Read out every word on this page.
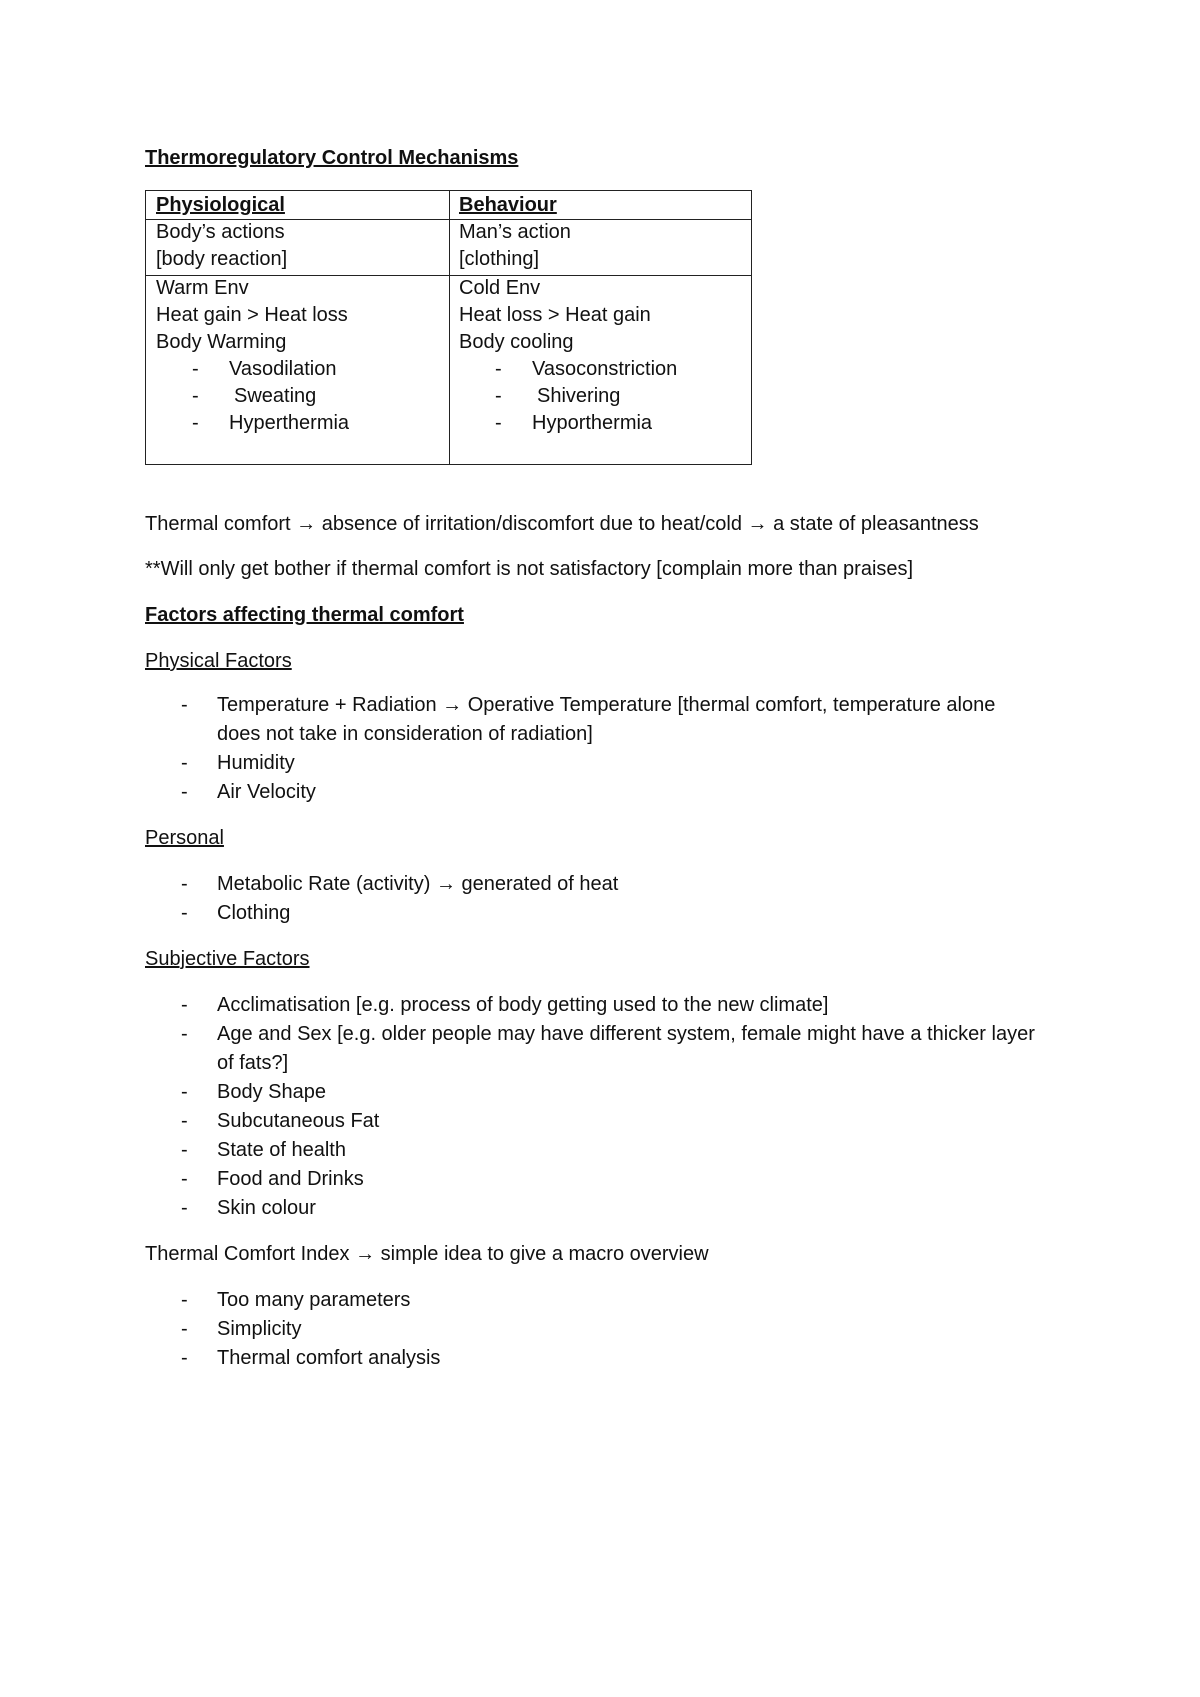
Thermoregulatory Control Mechanisms
Physiological	Behaviour
Body’s actions
[body reaction]
Man’s action
[clothing]
Warm Env
Heat gain > Heat loss
Body Warming
- Vasodilation
- Sweating
- Hyperthermia
Cold Env
Heat loss > Heat gain
Body cooling
- Vasoconstriction
- Shivering
- Hyporthermia
Thermal comfort → absence of irritation/discomfort due to heat/cold → a state of pleasantness
**Will only get bother if thermal comfort is not satisfactory [complain more than praises]
Factors affecting thermal comfort
Physical Factors
- Temperature + Radiation → Operative Temperature [thermal comfort, temperature alone
does not take in consideration of radiation]
- Humidity
- Air Velocity
Personal
- Metabolic Rate (activity) → generated of heat
- Clothing
Subjective Factors
- Acclimatisation [e.g. process of body getting used to the new climate]
- Age and Sex [e.g. older people may have different system, female might have a thicker layer
of fats?]
- Body Shape
- Subcutaneous Fat
- State of health
- Food and Drinks
- Skin colour
Thermal Comfort Index → simple idea to give a macro overview
- Too many parameters
- Simplicity
- Thermal comfort analysis
